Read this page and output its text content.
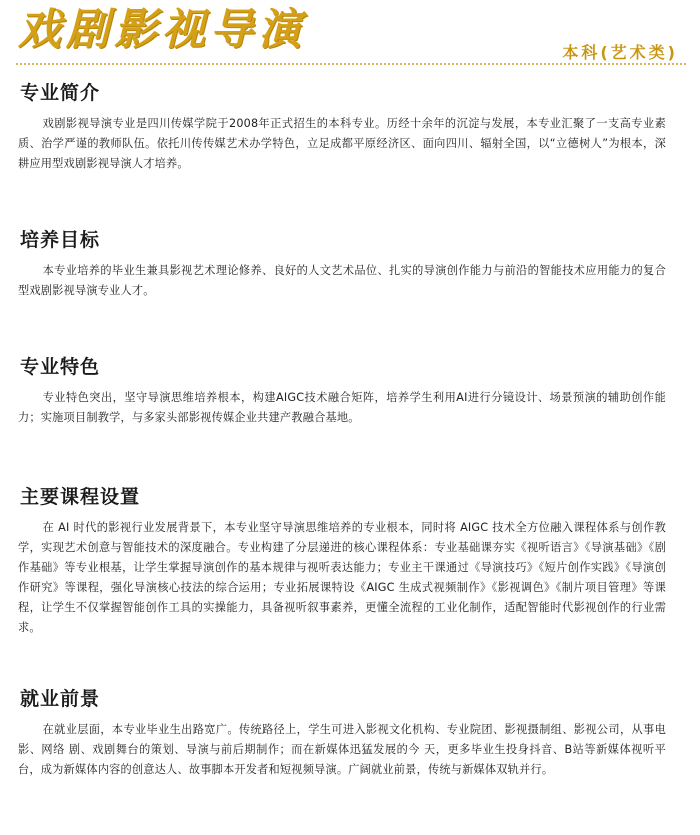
戏剧影视导演	本科(艺术类)
专业简介

戏剧影视导演专业是四川传媒学院于2008年正式招生的本科专业。历经十余年的沉淀与发展，本专业汇聚了一支高专业素质、治学严谨的教师队伍。依托川传传媒艺术办学特色，立足成都平原经济区、面向四川、辐射全国，以“立德树人”为根本，深耕应用型戏剧影视导演人才培养。

培养目标

本专业培养的毕业生兼具影视艺术理论修养、良好的人文艺术品位、扎实的导演创作能力与前沿的智能技术应用能力的复合型戏剧影视导演专业人才。

专业特色

专业特色突出，坚守导演思维培养根本，构建AIGC技术融合矩阵，培养学生利用AI进行分镜设计、场景预演的辅助创作能力；实施项目制教学，与多家头部影视传媒企业共建产教融合基地。

主要课程设置

在 AI 时代的影视行业发展背景下，本专业坚守导演思维培养的专业根本，同时将 AIGC 技术全方位融入课程体系与创作教学，实现艺术创意与智能技术的深度融合。专业构建了分层递进的核心课程体系：专业基础课夯实《视听语言》《导演基础》《剧作基础》等专业根基，让学生掌握导演创作的基本规律与视听表达能力；专业主干课通过《导演技巧》《短片创作实践》《导演创作研究》等课程，强化导演核心技法的综合运用；专业拓展课特设《AIGC 生成式视频制作》《影视调色》《制片项目管理》等课程，让学生不仅掌握智能创作工具的实操能力，具备视听叙事素养，更懂全流程的工业化制作，适配智能时代影视创作的行业需求。

就业前景

在就业层面，本专业毕业生出路宽广。传统路径上，学生可进入影视文化机构、专业院团、影视摄制组、影视公司，从事电影、网络 剧、戏剧舞台的策划、导演与前后期制作；而在新媒体迅猛发展的今 天，更多毕业生投身抖音、B站等新媒体视听平台，成为新媒体内容的创意达人、故事脚本开发者和短视频导演。广阔就业前景，传统与新媒体双轨并行。
